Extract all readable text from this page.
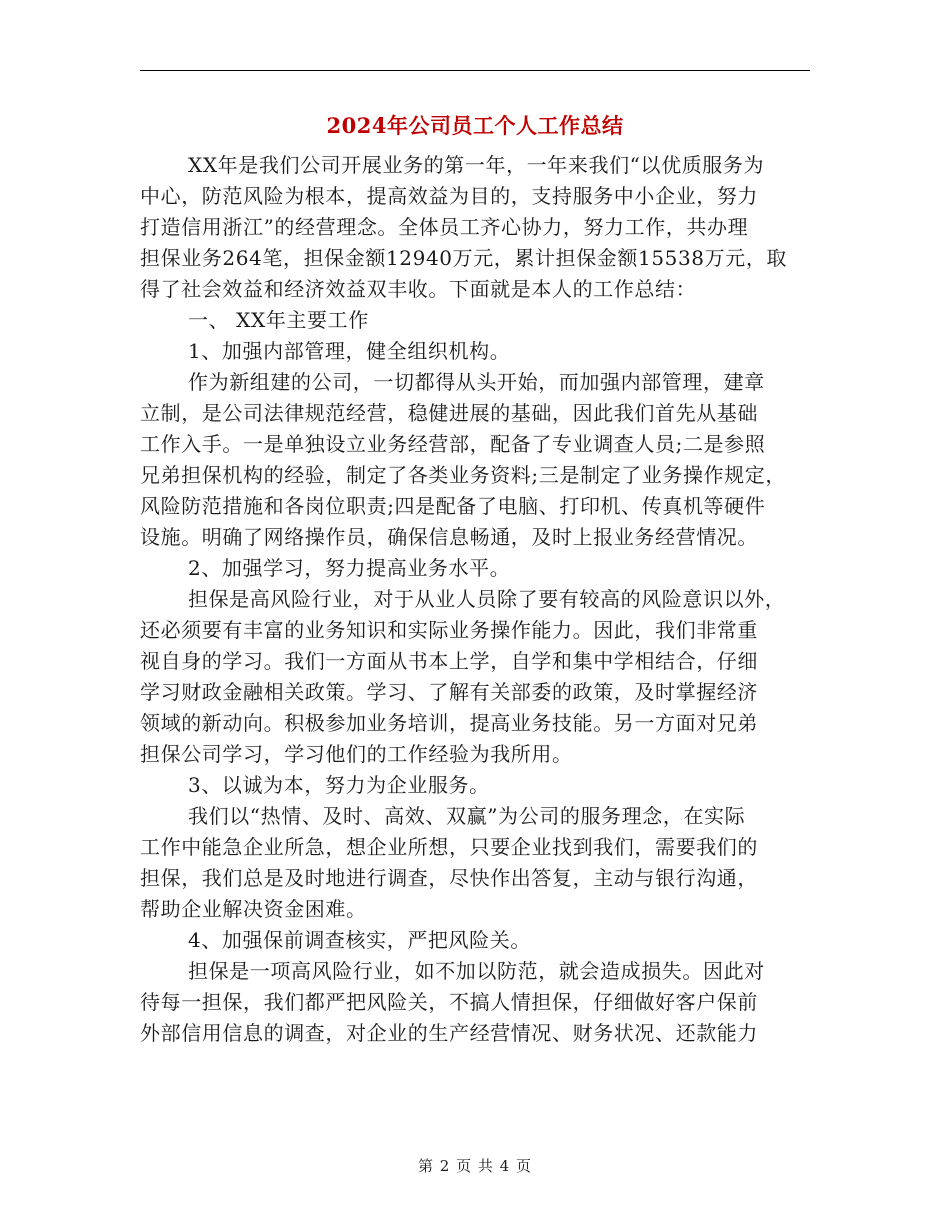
2024年公司员工个人工作总结
XX年是我们公司开展业务的第一年，一年来我们“以优质服务为
中心，防范风险为根本，提高效益为目的，支持服务中小企业，努力
打造信用浙江”的经营理念。全体员工齐心协力，努力工作，共办理
担保业务264笔，担保金额12940万元，累计担保金额15538万元，取
得了社会效益和经济效益双丰收。下面就是本人的工作总结：
一、 XX年主要工作
1、加强内部管理，健全组织机构。
作为新组建的公司，一切都得从头开始，而加强内部管理，建章
立制，是公司法律规范经营，稳健进展的基础，因此我们首先从基础
工作入手。一是单独设立业务经营部，配备了专业调查人员;二是参照
兄弟担保机构的经验，制定了各类业务资料;三是制定了业务操作规定，
风险防范措施和各岗位职责;四是配备了电脑、打印机、传真机等硬件
设施。明确了网络操作员，确保信息畅通，及时上报业务经营情况。
2、加强学习，努力提高业务水平。
担保是高风险行业，对于从业人员除了要有较高的风险意识以外，
还必须要有丰富的业务知识和实际业务操作能力。因此，我们非常重
视自身的学习。我们一方面从书本上学，自学和集中学相结合，仔细
学习财政金融相关政策。学习、了解有关部委的政策，及时掌握经济
领域的新动向。积极参加业务培训，提高业务技能。另一方面对兄弟
担保公司学习，学习他们的工作经验为我所用。
3、以诚为本，努力为企业服务。
我们以“热情、及时、高效、双赢”为公司的服务理念，在实际
工作中能急企业所急，想企业所想，只要企业找到我们，需要我们的
担保，我们总是及时地进行调查，尽快作出答复，主动与银行沟通，
帮助企业解决资金困难。
4、加强保前调查核实，严把风险关。
担保是一项高风险行业，如不加以防范，就会造成损失。因此对
待每一担保，我们都严把风险关，不搞人情担保，仔细做好客户保前
外部信用信息的调查，对企业的生产经营情况、财务状况、还款能力
第 2 页 共 4 页
